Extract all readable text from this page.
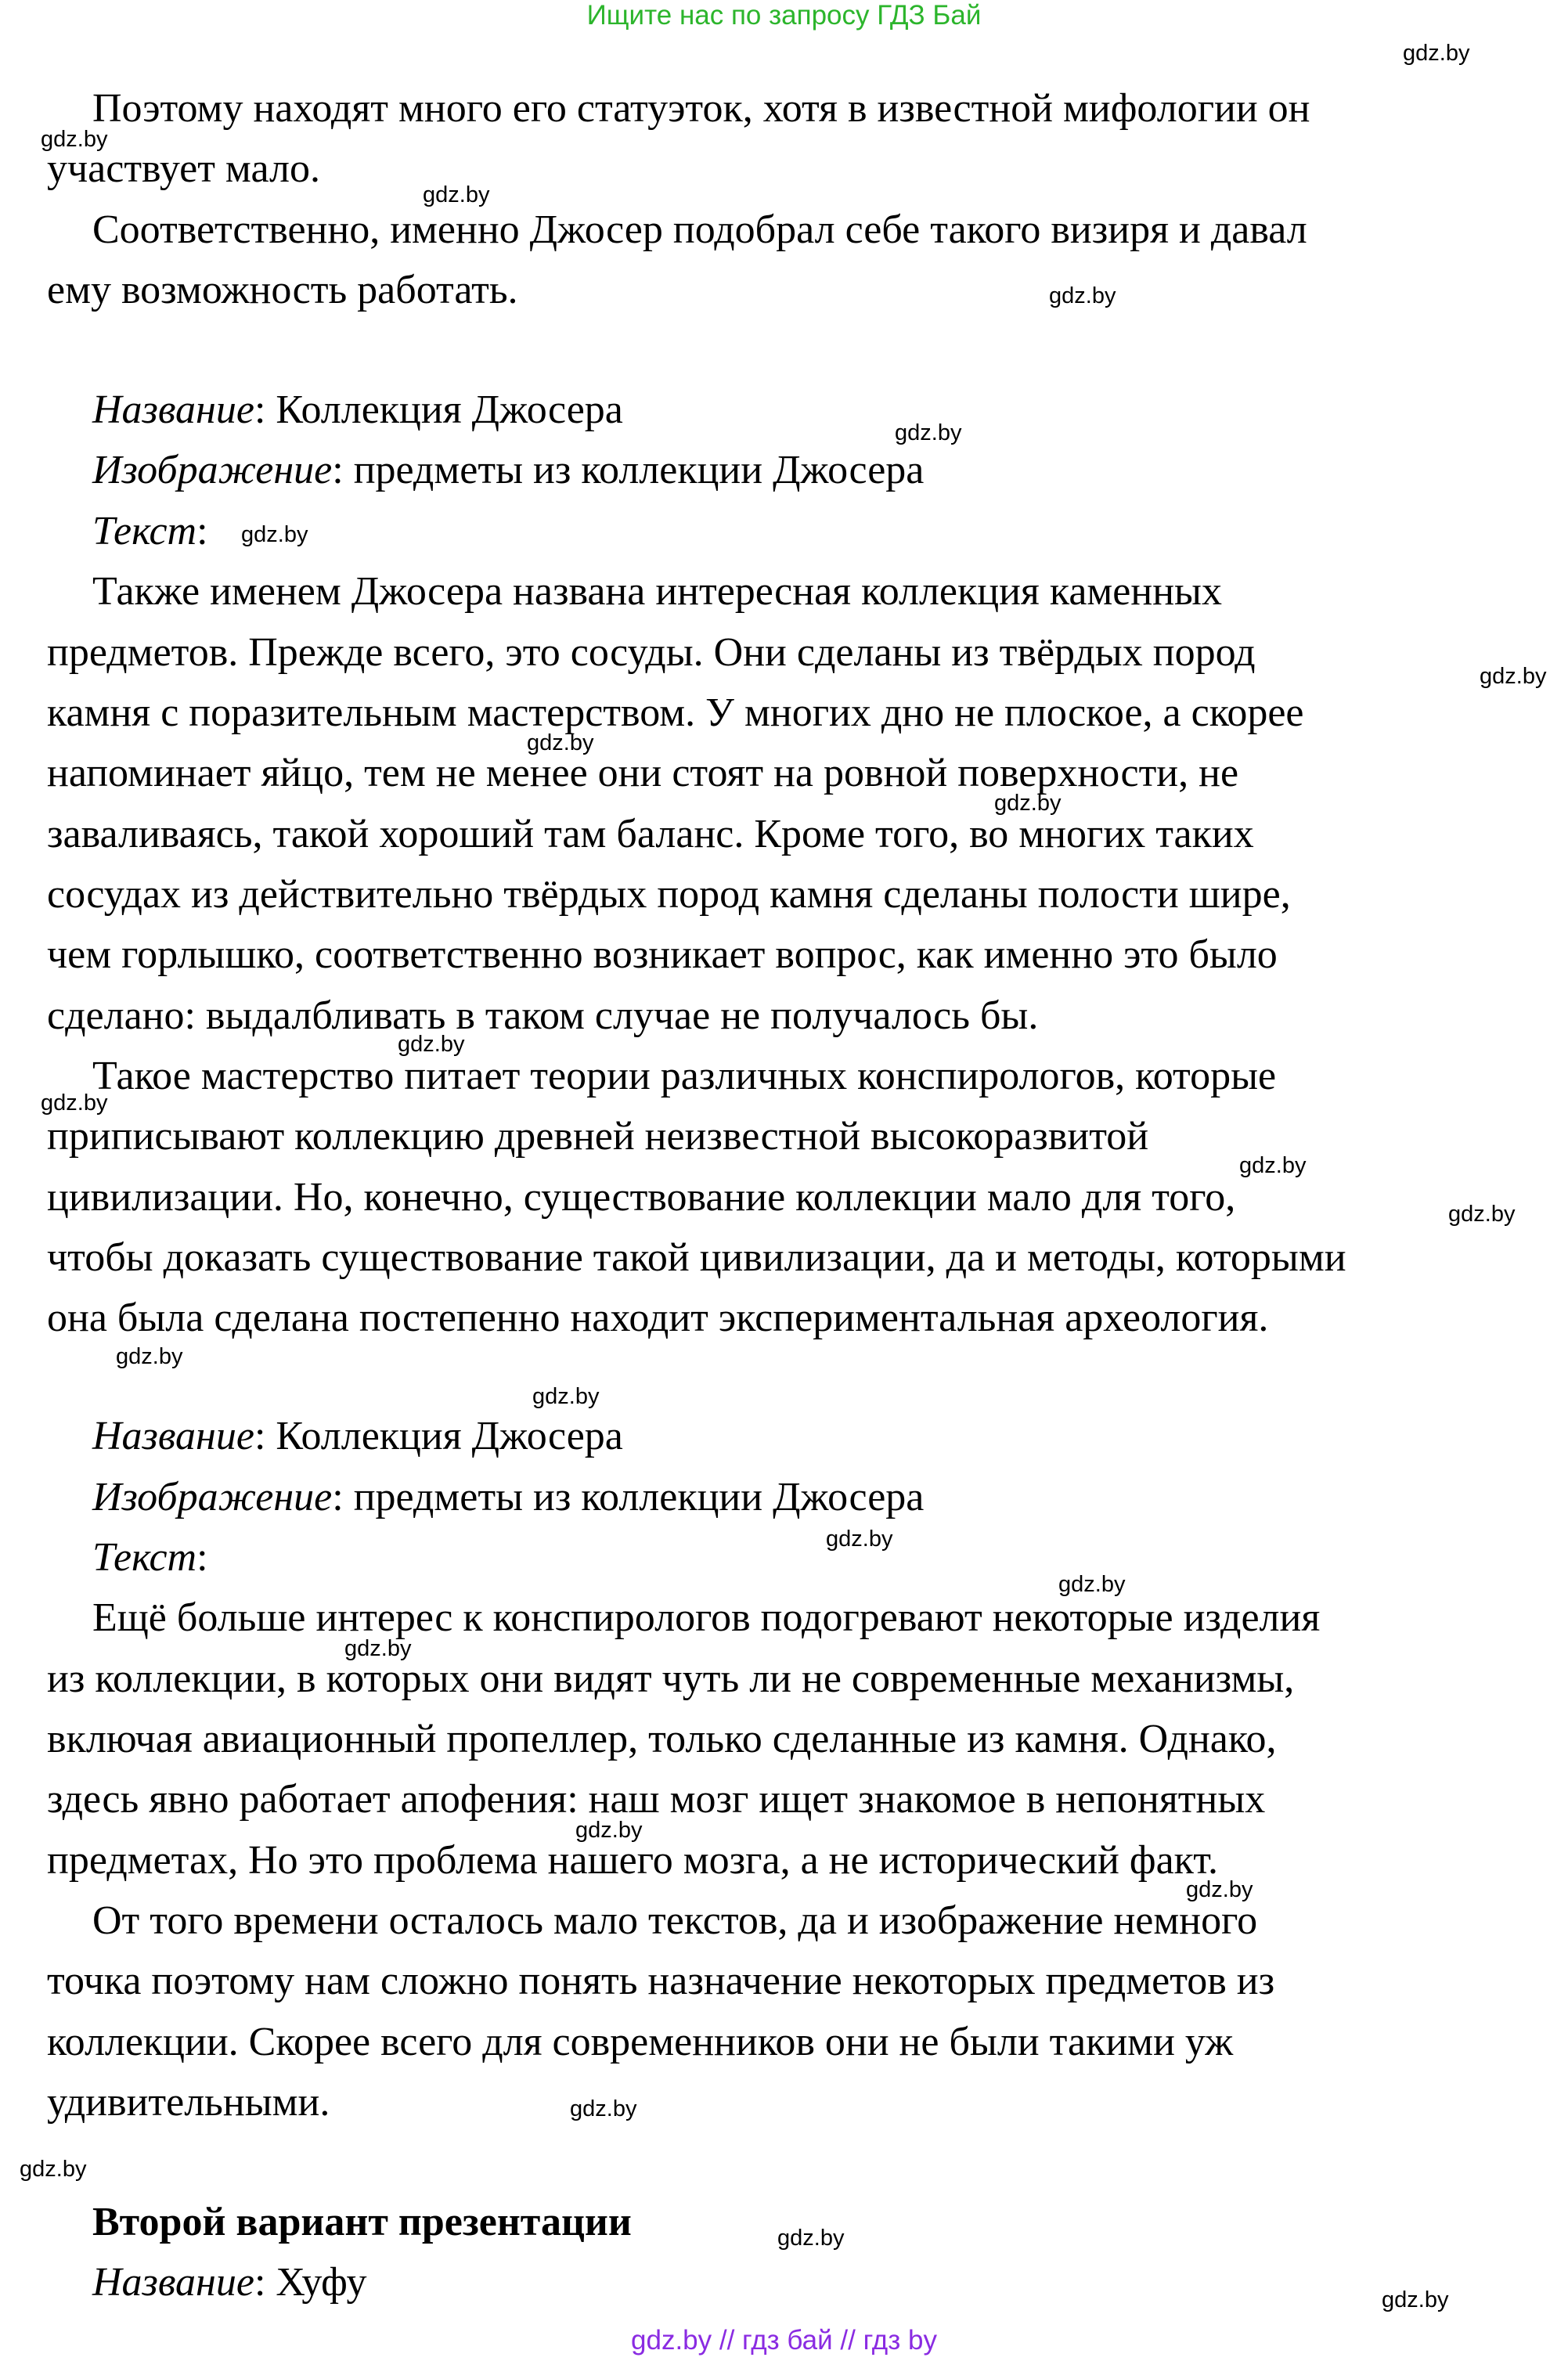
Ищите нас по запросу ГДЗ Бай
Поэтому находят много его статуэток, хотя в известной мифологии он
участвует мало.
Соответственно, именно Джосер подобрал себе такого визиря и давал
ему возможность работать.
Название: Коллекция Джосера
Изображение: предметы из коллекции Джосера
Текст:
Также именем Джосера названа интересная коллекция каменных
предметов. Прежде всего, это сосуды. Они сделаны из твёрдых пород
камня с поразительным мастерством. У многих дно не плоское, а скорее
напоминает яйцо, тем не менее они стоят на ровной поверхности, не
заваливаясь, такой хороший там баланс. Кроме того, во многих таких
сосудах из действительно твёрдых пород камня сделаны полости шире,
чем горлышко, соответственно возникает вопрос, как именно это было
сделано: выдалбливать в таком случае не получалось бы.
Такое мастерство питает теории различных конспирологов, которые
приписывают коллекцию древней неизвестной высокоразвитой
цивилизации. Но, конечно, существование коллекции мало для того,
чтобы доказать существование такой цивилизации, да и методы, которыми
она была сделана постепенно находит экспериментальная археология.
Название: Коллекция Джосера
Изображение: предметы из коллекции Джосера
Текст:
Ещё больше интерес к конспирологов подогревают некоторые изделия
из коллекции, в которых они видят чуть ли не современные механизмы,
включая авиационный пропеллер, только сделанные из камня. Однако,
здесь явно работает апофения: наш мозг ищет знакомое в непонятных
предметах, Но это проблема нашего мозга, а не исторический факт.
От того времени осталось мало текстов, да и изображение немного
точка поэтому нам сложно понять назначение некоторых предметов из
коллекции. Скорее всего для современников они не были такими уж
удивительными.
Второй вариант презентации
Название: Хуфу
gdz.by
gdz.by
gdz.by
gdz.by
gdz.by
gdz.by
gdz.by
gdz.by
gdz.by
gdz.by
gdz.by
gdz.by
gdz.by
gdz.by
gdz.by
gdz.by
gdz.by
gdz.by
gdz.by
gdz.by
gdz.by
gdz.by
gdz.by
gdz.by
gdz.by // гдз бай // гдз by
